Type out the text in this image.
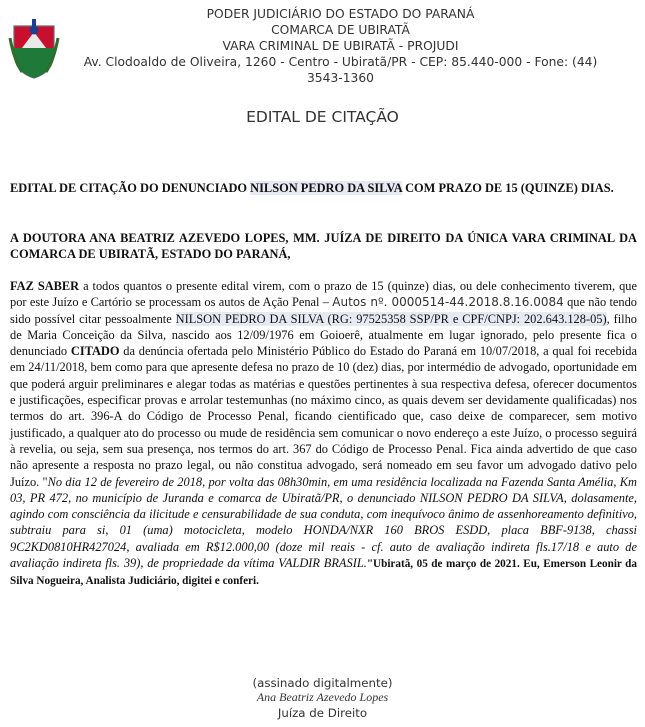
PODER JUDICIÁRIO DO ESTADO DO PARANÁ
COMARCA DE UBIRATÃ
VARA CRIMINAL DE UBIRATÃ - PROJUDI
Av. Clodoaldo de Oliveira, 1260 - Centro - Ubiratã/PR - CEP: 85.440-000 - Fone: (44)
3543-1360
EDITAL DE CITAÇÃO
EDITAL DE CITAÇÃO DO DENUNCIADO NILSON PEDRO DA SILVA COM PRAZO DE 15 (QUINZE) DIAS.
A DOUTORA ANA BEATRIZ AZEVEDO LOPES, MM. JUÍZA DE DIREITO DA ÚNICA VARA CRIMINAL DA COMARCA DE UBIRATÃ, ESTADO DO PARANÁ,
FAZ SABER a todos quantos o presente edital virem, com o prazo de 15 (quinze) dias, ou dele conhecimento tiverem, que por este Juízo e Cartório se processam os autos de Ação Penal – Autos nº. 0000514-44.2018.8.16.0084 que não tendo sido possível citar pessoalmente NILSON PEDRO DA SILVA (RG: 97525358 SSP/PR e CPF/CNPJ: 202.643.128-05), filho de Maria Conceição da Silva, nascido aos 12/09/1976 em Goioerê, atualmente em lugar ignorado, pelo presente fica o denunciado CITADO da denúncia ofertada pelo Ministério Público do Estado do Paraná em 10/07/2018, a qual foi recebida em 24/11/2018, bem como para que apresente defesa no prazo de 10 (dez) dias, por intermédio de advogado, oportunidade em que poderá arguir preliminares e alegar todas as matérias e questões pertinentes à sua respectiva defesa, oferecer documentos e justificações, especificar provas e arrolar testemunhas (no máximo cinco, as quais devem ser devidamente qualificadas) nos termos do art. 396-A do Código de Processo Penal, ficando cientificado que, caso deixe de comparecer, sem motivo justificado, a qualquer ato do processo ou mude de residência sem comunicar o novo endereço a este Juízo, o processo seguirá à revelia, ou seja, sem sua presença, nos termos do art. 367 do Código de Processo Penal. Fica ainda advertido de que caso não apresente a resposta no prazo legal, ou não constitua advogado, será nomeado em seu favor um advogado dativo pelo Juízo. "No dia 12 de fevereiro de 2018, por volta das 08h30min, em uma residência localizada na Fazenda Santa Amélia, Km 03, PR 472, no município de Juranda e comarca de Ubiratã/PR, o denunciado NILSON PEDRO DA SILVA, dolasamente, agindo com consciência da ilicitude e censurabilidade de sua conduta, com inequívoco ânimo de assenhoreamento definitivo, subtraiu para si, 01 (uma) motocicleta, modelo HONDA/NXR 160 BROS ESDD, placa BBF-9138, chassi 9C2KD0810HR427024, avaliada em R$12.000,00 (doze mil reais - cf. auto de avaliação indireta fls.17/18 e auto de avaliação indireta fls. 39), de propriedade da vítima VALDIR BRASIL."Ubiratã, 05 de março de 2021. Eu, Emerson Leonir da Silva Nogueira, Analista Judiciário, digitei e conferi.
(assinado digitalmente)
Ana Beatriz Azevedo Lopes
Juíza de Direito
